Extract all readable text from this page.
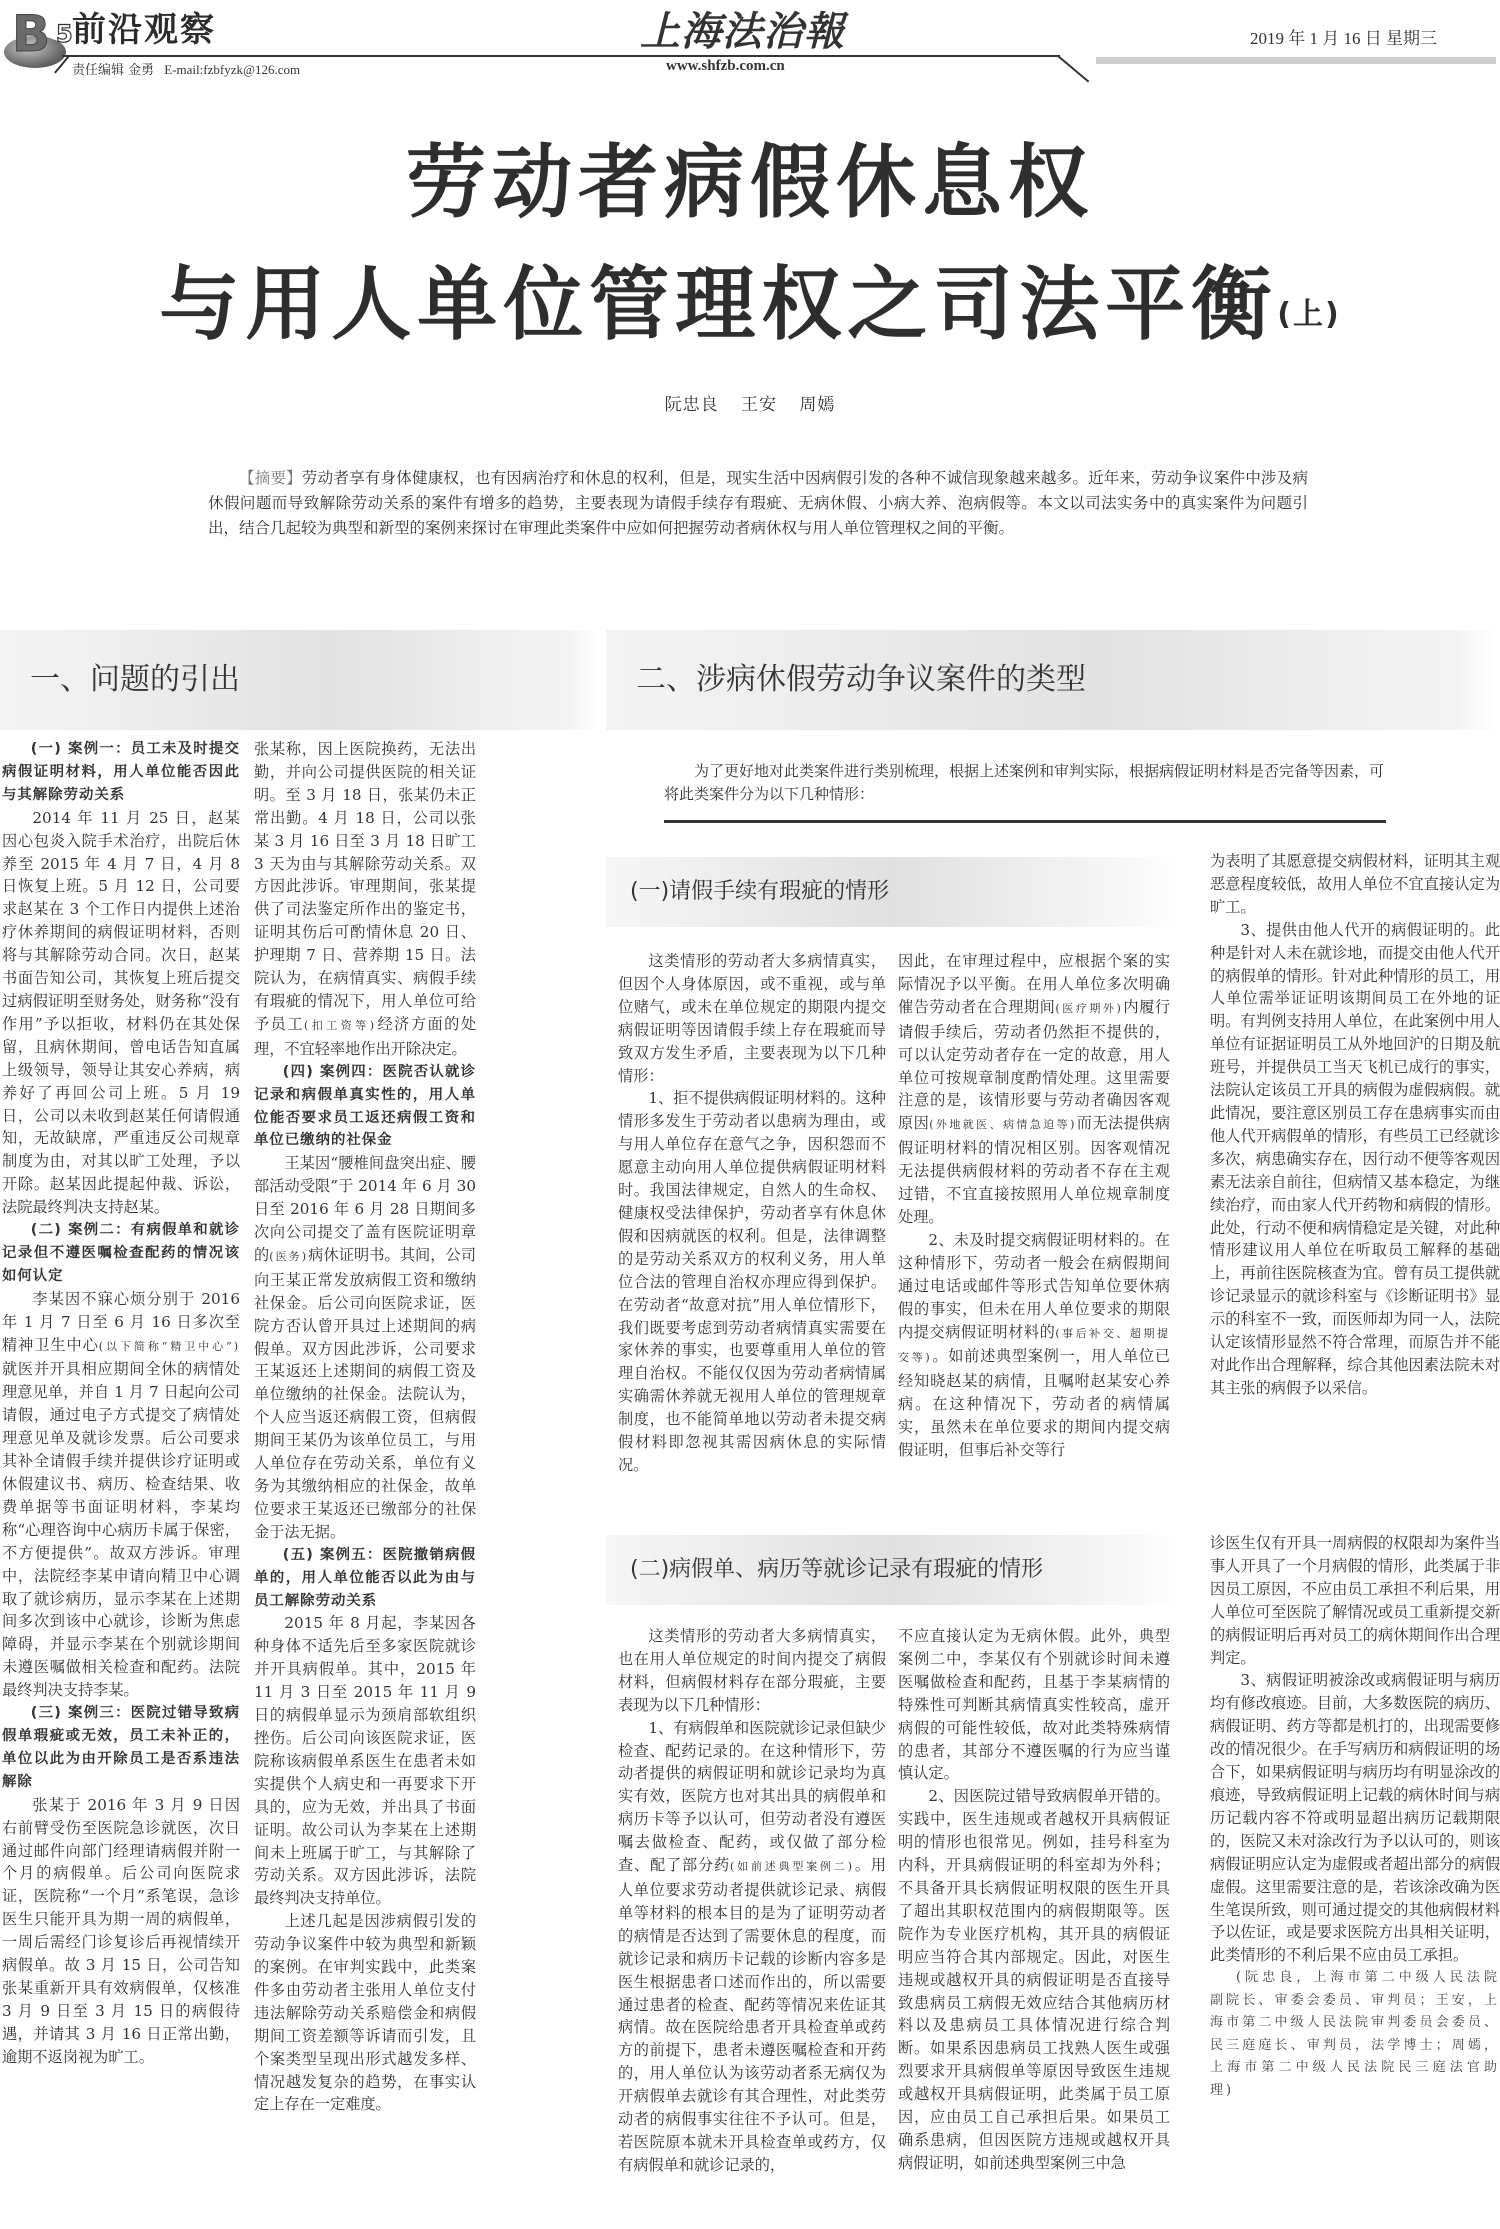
B 5 前沿观察
责任编辑 金勇 E-mail:fzbfyzk@126.com
上海法治報
www.shfzb.com.cn
2019 年 1 月 16 日 星期三
劳动者病假休息权
与用人单位管理权之司法平衡(上)
阮忠良 王安 周嫣
【摘要】劳动者享有身体健康权，也有因病治疗和休息的权利，但是，现实生活中因病假引发的各种不诚信现象越来越多。近年来，劳动争议案件中涉及病休假问题而导致解除劳动关系的案件有增多的趋势，主要表现为请假手续存有瑕疵、无病休假、小病大养、泡病假等。本文以司法实务中的真实案件为问题引出，结合几起较为典型和新型的案例来探讨在审理此类案件中应如何把握劳动者病休权与用人单位管理权之间的平衡。
一、问题的引出	二、涉病休假劳动争议案件的类型
为了更好地对此类案件进行类别梳理，根据上述案例和审判实际，根据病假证明材料是否完备等因素，可将此类案件分为以下几种情形：
(一)请假手续有瑕疵的情形
(二)病假单、病历等就诊记录有瑕疵的情形

(一) 案例一：员工未及时提交病假证明材料，用人单位能否因此与其解除劳动关系

2014 年 11 月 25 日，赵某因心包炎入院手术治疗，出院后休养至 2015 年 4 月 7 日，4 月 8 日恢复上班。5 月 12 日，公司要求赵某在 3 个工作日内提供上述治疗休养期间的病假证明材料，否则将与其解除劳动合同。次日，赵某书面告知公司，其恢复上班后提交过病假证明至财务处，财务称“没有作用”予以拒收，材料仍在其处保留，且病休期间，曾电话告知直属上级领导，领导让其安心养病，病养好了再回公司上班。5 月 19 日，公司以未收到赵某任何请假通知，无故缺席，严重违反公司规章制度为由，对其以旷工处理，予以开除。赵某因此提起仲裁、诉讼，法院最终判决支持赵某。

(二) 案例二：有病假单和就诊记录但不遵医嘱检查配药的情况该如何认定

李某因不寐心烦分别于 2016 年 1 月 7 日至 6 月 16 日多次至精神卫生中心(以下简称“精卫中心”)就医并开具相应期间全休的病情处理意见单，并自 1 月 7 日起向公司请假，通过电子方式提交了病情处理意见单及就诊发票。后公司要求其补全请假手续并提供诊疗证明或休假建议书、病历、检查结果、收费单据等书面证明材料，李某均称“心理咨询中心病历卡属于保密，不方便提供”。故双方涉诉。审理中，法院经李某申请向精卫中心调取了就诊病历，显示李某在上述期间多次到该中心就诊，诊断为焦虑障碍，并显示李某在个别就诊期间未遵医嘱做相关检查和配药。法院最终判决支持李某。

(三) 案例三：医院过错导致病假单瑕疵或无效，员工未补正的，单位以此为由开除员工是否系违法解除

张某于 2016 年 3 月 9 日因右前臂受伤至医院急诊就医，次日通过邮件向部门经理请病假并附一个月的病假单。后公司向医院求证，医院称“一个月”系笔误，急诊医生只能开具为期一周的病假单，一周后需经门诊复诊后再视情续开病假单。故 3 月 15 日，公司告知张某重新开具有效病假单，仅核准 3 月 9 日至 3 月 15 日的病假待遇，并请其 3 月 16 日正常出勤，逾期不返岗视为旷工。

张某称，因上医院换药，无法出勤，并向公司提供医院的相关证明。至 3 月 18 日，张某仍未正常出勤。4 月 18 日，公司以张某 3 月 16 日至 3 月 18 日旷工 3 天为由与其解除劳动关系。双方因此涉诉。审理期间，张某提供了司法鉴定所作出的鉴定书，证明其伤后可酌情休息 20 日、护理期 7 日、营养期 15 日。法院认为，在病情真实、病假手续有瑕疵的情况下，用人单位可给予员工(扣工资等)经济方面的处理，不宜轻率地作出开除决定。

(四) 案例四：医院否认就诊记录和病假单真实性的，用人单位能否要求员工返还病假工资和单位已缴纳的社保金

王某因“腰椎间盘突出症、腰部活动受限”于 2014 年 6 月 30 日至 2016 年 6 月 28 日期间多次向公司提交了盖有医院证明章的(医务)病休证明书。其间，公司向王某正常发放病假工资和缴纳社保金。后公司向医院求证，医院方否认曾开具过上述期间的病假单。双方因此涉诉，公司要求王某返还上述期间的病假工资及单位缴纳的社保金。法院认为，个人应当返还病假工资，但病假期间王某仍为该单位员工，与用人单位存在劳动关系，单位有义务为其缴纳相应的社保金，故单位要求王某返还已缴部分的社保金于法无据。

(五) 案例五：医院撤销病假单的，用人单位能否以此为由与员工解除劳动关系

2015 年 8 月起，李某因各种身体不适先后至多家医院就诊并开具病假单。其中，2015 年 11 月 3 日至 2015 年 11 月 9 日的病假单显示为颈肩部软组织挫伤。后公司向该医院求证，医院称该病假单系医生在患者未如实提供个人病史和一再要求下开具的，应为无效，并出具了书面证明。故公司认为李某在上述期间未上班属于旷工，与其解除了劳动关系。双方因此涉诉，法院最终判决支持单位。

上述几起是因涉病假引发的劳动争议案件中较为典型和新颖的案例。在审判实践中，此类案件多由劳动者主张用人单位支付违法解除劳动关系赔偿金和病假期间工资差额等诉请而引发，且个案类型呈现出形式越发多样、情况越发复杂的趋势，在事实认定上存在一定难度。

这类情形的劳动者大多病情真实，但因个人身体原因，或不重视，或与单位赌气，或未在单位规定的期限内提交病假证明等因请假手续上存在瑕疵而导致双方发生矛盾，主要表现为以下几种情形：

1、拒不提供病假证明材料的。这种情形多发生于劳动者以患病为理由，或与用人单位存在意气之争，因积怨而不愿意主动向用人单位提供病假证明材料时。我国法律规定，自然人的生命权、健康权受法律保护，劳动者享有休息休假和因病就医的权利。但是，法律调整的是劳动关系双方的权利义务，用人单位合法的管理自治权亦理应得到保护。在劳动者“故意对抗”用人单位情形下，我们既要考虑到劳动者病情真实需要在家休养的事实，也要尊重用人单位的管理自治权。不能仅仅因为劳动者病情属实确需休养就无视用人单位的管理规章制度，也不能简单地以劳动者未提交病假材料即忽视其需因病休息的实际情况。

因此，在审理过程中，应根据个案的实际情况予以平衡。在用人单位多次明确催告劳动者在合理期间(医疗期外)内履行请假手续后，劳动者仍然拒不提供的，可以认定劳动者存在一定的故意，用人单位可按规章制度酌情处理。这里需要注意的是，该情形要与劳动者确因客观原因(外地就医、病情急迫等)而无法提供病假证明材料的情况相区别。因客观情况无法提供病假材料的劳动者不存在主观过错，不宜直接按照用人单位规章制度处理。

2、未及时提交病假证明材料的。在这种情形下，劳动者一般会在病假期间通过电话或邮件等形式告知单位要休病假的事实，但未在用人单位要求的期限内提交病假证明材料的(事后补交、超期提交等)。如前述典型案例一，用人单位已经知晓赵某的病情，且嘱咐赵某安心养病。在这种情况下，劳动者的病情属实，虽然未在单位要求的期间内提交病假证明，但事后补交等行

为表明了其愿意提交病假材料，证明其主观恶意程度较低，故用人单位不宜直接认定为旷工。

3、提供由他人代开的病假证明的。此种是针对人未在就诊地，而提交由他人代开的病假单的情形。针对此种情形的员工，用人单位需举证证明该期间员工在外地的证明。有判例支持用人单位，在此案例中用人单位有证据证明员工从外地回沪的日期及航班号，并提供员工当天飞机已成行的事实，法院认定该员工开具的病假为虚假病假。就此情况，要注意区别员工存在患病事实而由他人代开病假单的情形，有些员工已经就诊多次，病患确实存在，因行动不便等客观因素无法亲自前往，但病情又基本稳定，为继续治疗，而由家人代开药物和病假的情形。此处，行动不便和病情稳定是关键，对此种情形建议用人单位在听取员工解释的基础上，再前往医院核查为宜。曾有员工提供就诊记录显示的就诊科室与《诊断证明书》显示的科室不一致，而医师却为同一人，法院认定该情形显然不符合常理，而原告并不能对此作出合理解释，综合其他因素法院未对其主张的病假予以采信。

这类情形的劳动者大多病情真实，也在用人单位规定的时间内提交了病假材料，但病假材料存在部分瑕疵，主要表现为以下几种情形：

1、有病假单和医院就诊记录但缺少检查、配药记录的。在这种情形下，劳动者提供的病假证明和就诊记录均为真实有效，医院方也对其出具的病假单和病历卡等予以认可，但劳动者没有遵医嘱去做检查、配药，或仅做了部分检查、配了部分药(如前述典型案例二)。用人单位要求劳动者提供就诊记录、病假单等材料的根本目的是为了证明劳动者的病情是否达到了需要休息的程度，而就诊记录和病历卡记载的诊断内容多是医生根据患者口述而作出的，所以需要通过患者的检查、配药等情况来佐证其病情。故在医院给患者开具检查单或药方的前提下，患者未遵医嘱检查和开药的，用人单位认为该劳动者系无病仅为开病假单去就诊有其合理性，对此类劳动者的病假事实往往不予认可。但是，若医院原本就未开具检查单或药方，仅有病假单和就诊记录的，

不应直接认定为无病休假。此外，典型案例二中，李某仅有个别就诊时间未遵医嘱做检查和配药，且基于李某病情的特殊性可判断其病情真实性较高，虚开病假的可能性较低，故对此类特殊病情的患者，其部分不遵医嘱的行为应当谨慎认定。

2、因医院过错导致病假单开错的。实践中，医生违规或者越权开具病假证明的情形也很常见。例如，挂号科室为内科，开具病假证明的科室却为外科；不具备开具长病假证明权限的医生开具了超出其职权范围内的病假期限等。医院作为专业医疗机构，其开具的病假证明应当符合其内部规定。因此，对医生违规或越权开具的病假证明是否直接导致患病员工病假无效应结合其他病历材料以及患病员工具体情况进行综合判断。如果系因患病员工找熟人医生或强烈要求开具病假单等原因导致医生违规或越权开具病假证明，此类属于员工原因，应由员工自己承担后果。如果员工确系患病，但因医院方违规或越权开具病假证明，如前述典型案例三中急

诊医生仅有开具一周病假的权限却为案件当事人开具了一个月病假的情形，此类属于非因员工原因，不应由员工承担不利后果，用人单位可至医院了解情况或员工重新提交新的病假证明后再对员工的病休期间作出合理判定。

3、病假证明被涂改或病假证明与病历均有修改痕迹。目前，大多数医院的病历、病假证明、药方等都是机打的，出现需要修改的情况很少。在手写病历和病假证明的场合下，如果病假证明与病历均有明显涂改的痕迹，导致病假证明上记载的病休时间与病历记载内容不符或明显超出病历记载期限的，医院又未对涂改行为予以认可的，则该病假证明应认定为虚假或者超出部分的病假虚假。这里需要注意的是，若该涂改确为医生笔误所致，则可通过提交的其他病假材料予以佐证，或是要求医院方出具相关证明，此类情形的不利后果不应由员工承担。

(阮忠良，上海市第二中级人民法院副院长、审委会委员、审判员；王安，上海市第二中级人民法院审判委员会委员、民三庭庭长、审判员，法学博士；周嫣，上海市第二中级人民法院民三庭法官助理)
